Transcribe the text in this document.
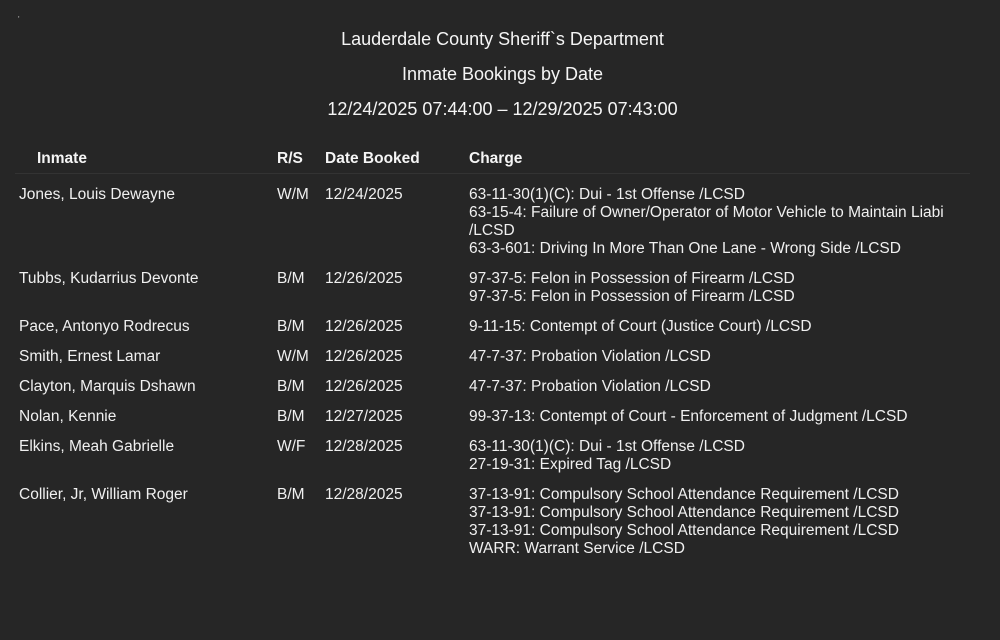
'
Lauderdale County Sheriff`s Department
Inmate Bookings by Date
12/24/2025 07:44:00 – 12/29/2025 07:43:00
Inmate	R/S	Date Booked	Charge
Jones, Louis Dewayne	W/M	12/24/2025	63-11-30(1)(C): Dui - 1st Offense /LCSD
63-15-4: Failure of Owner/Operator of Motor Vehicle to Maintain Liabi /LCSD
63-3-601: Driving In More Than One Lane - Wrong Side /LCSD

Tubbs, Kudarrius Devonte	B/M	12/26/2025	97-37-5: Felon in Possession of Firearm /LCSD
97-37-5: Felon in Possession of Firearm /LCSD

Pace, Antonyo Rodrecus	B/M	12/26/2025	9-11-15: Contempt of Court (Justice Court) /LCSD

Smith, Ernest Lamar	W/M	12/26/2025	47-7-37: Probation Violation /LCSD

Clayton, Marquis Dshawn	B/M	12/26/2025	47-7-37: Probation Violation /LCSD

Nolan, Kennie	B/M	12/27/2025	99-37-13: Contempt of Court - Enforcement of Judgment /LCSD

Elkins, Meah Gabrielle	W/F	12/28/2025	63-11-30(1)(C): Dui - 1st Offense /LCSD
27-19-31: Expired Tag /LCSD

Collier, Jr, William Roger	B/M	12/28/2025	37-13-91: Compulsory School Attendance Requirement /LCSD
37-13-91: Compulsory School Attendance Requirement /LCSD
37-13-91: Compulsory School Attendance Requirement /LCSD
WARR: Warrant Service /LCSD
